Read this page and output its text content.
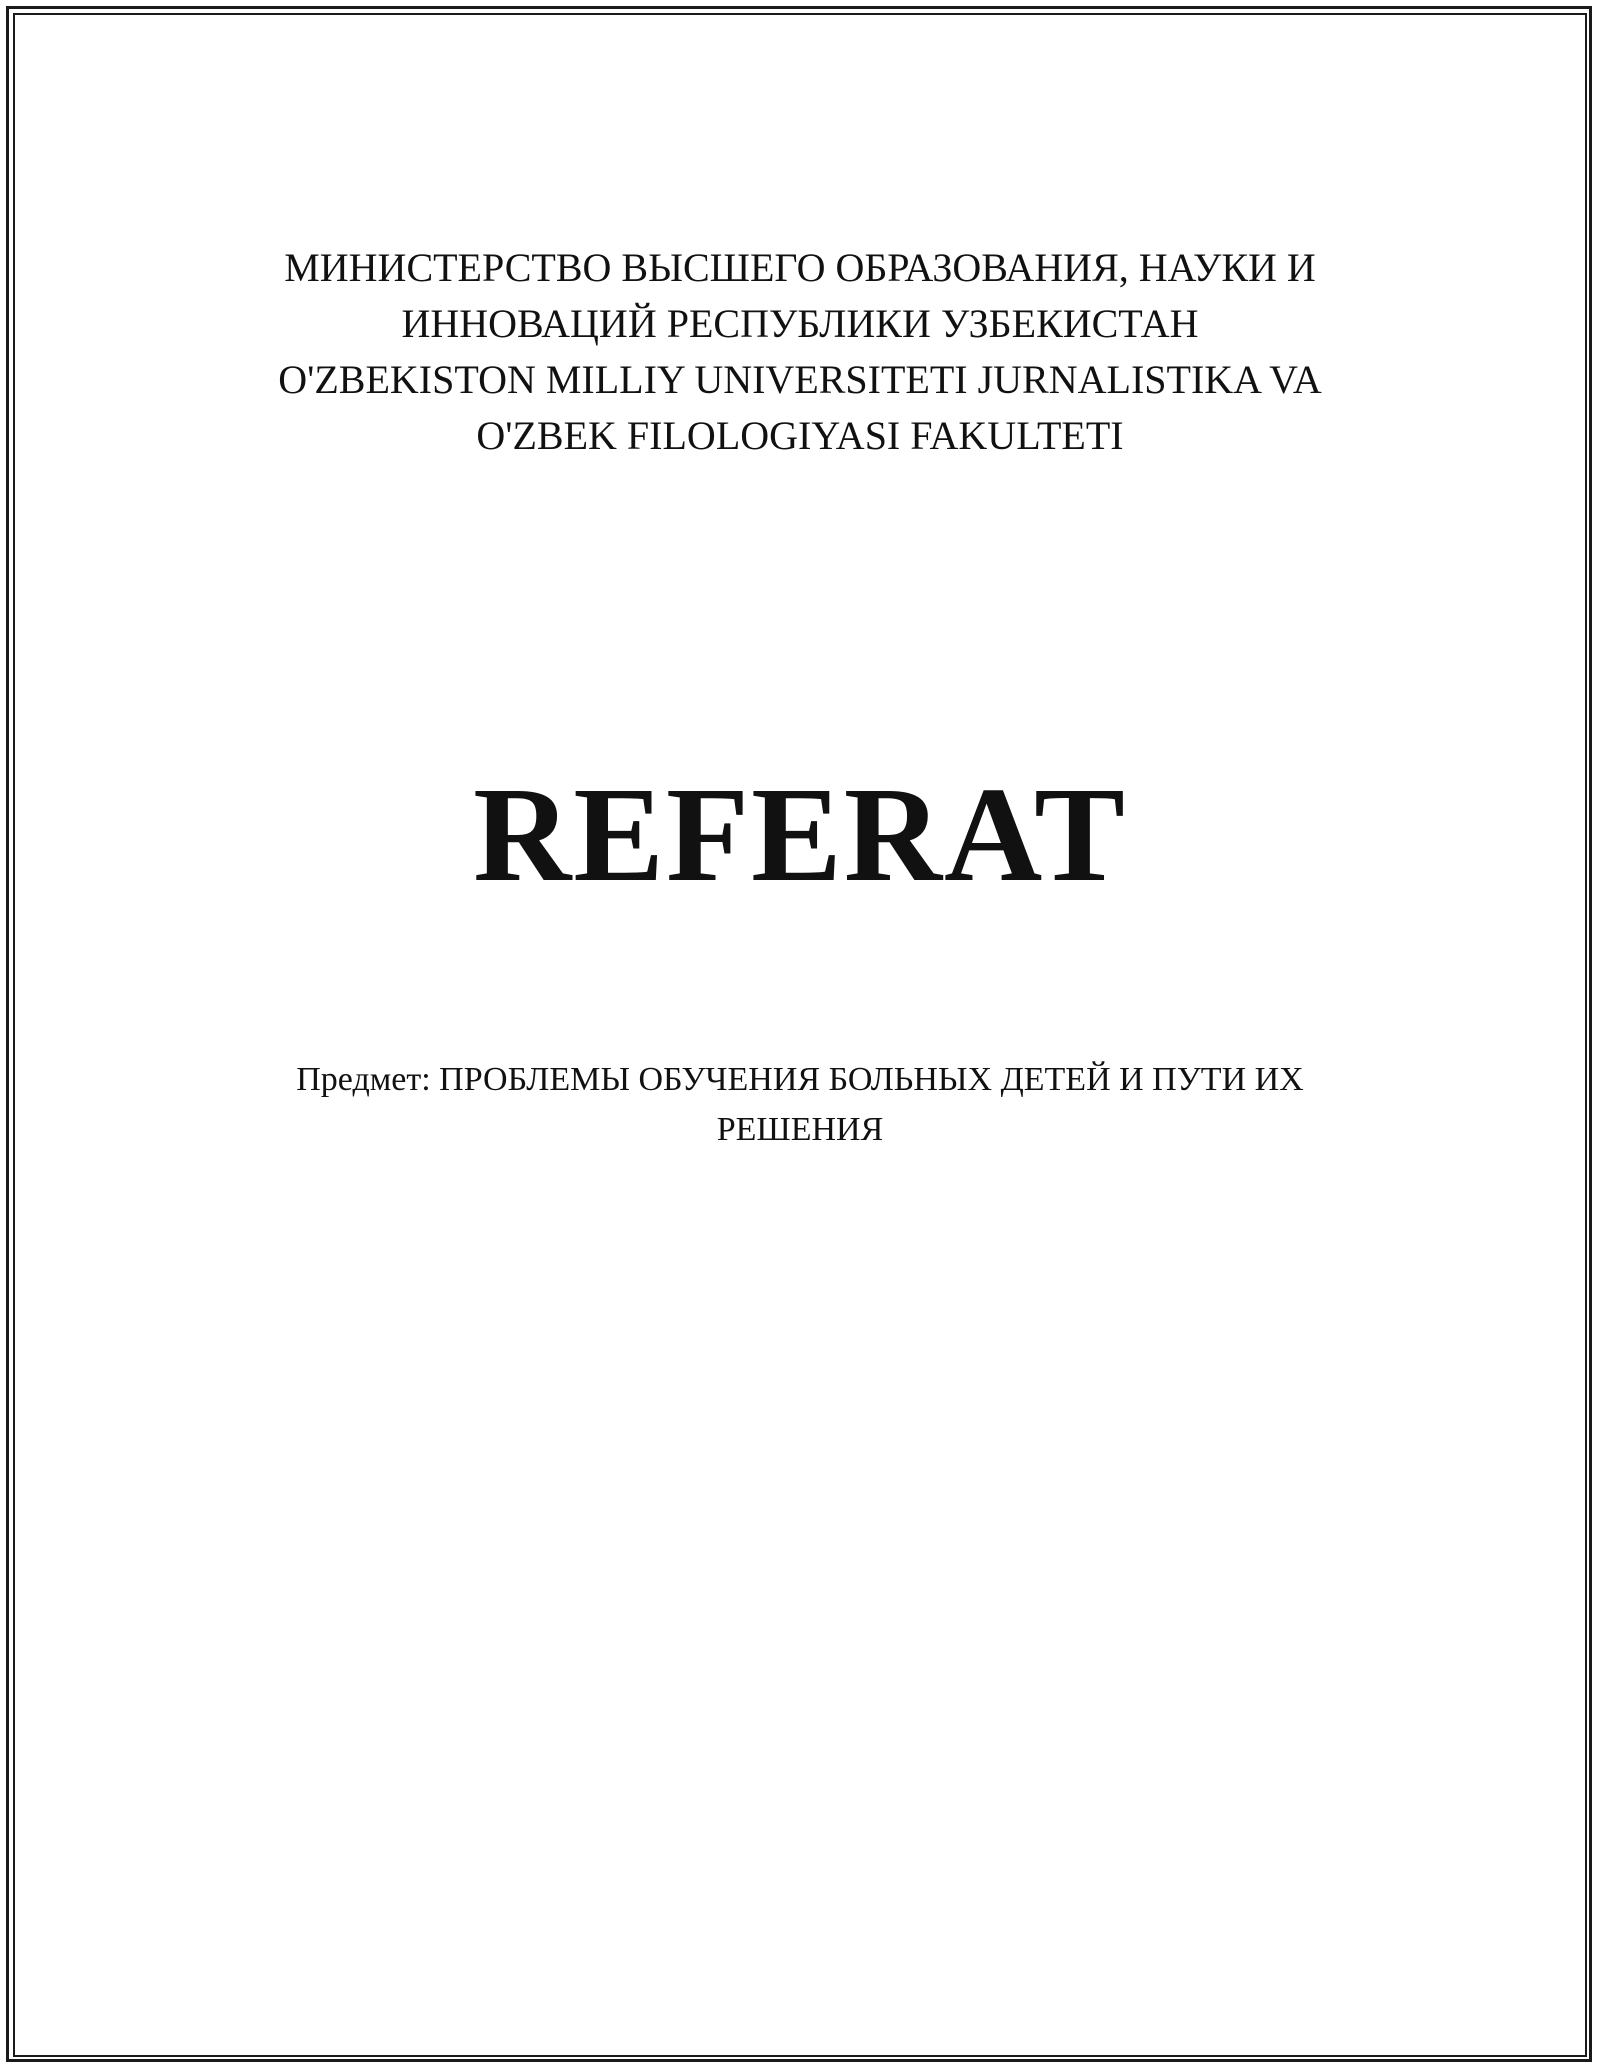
МИНИСТЕРСТВО ВЫСШЕГО ОБРАЗОВАНИЯ, НАУКИ И
ИННОВАЦИЙ РЕСПУБЛИКИ УЗБЕКИСТАН
O'ZBEKISTON MILLIY UNIVERSITETI JURNALISTIKA VA
O'ZBEK FILOLOGIYASI FAKULTETI
REFERAT
Предмет: ПРОБЛЕМЫ ОБУЧЕНИЯ БОЛЬНЫХ ДЕТЕЙ И ПУТИ ИХ
РЕШЕНИЯ
